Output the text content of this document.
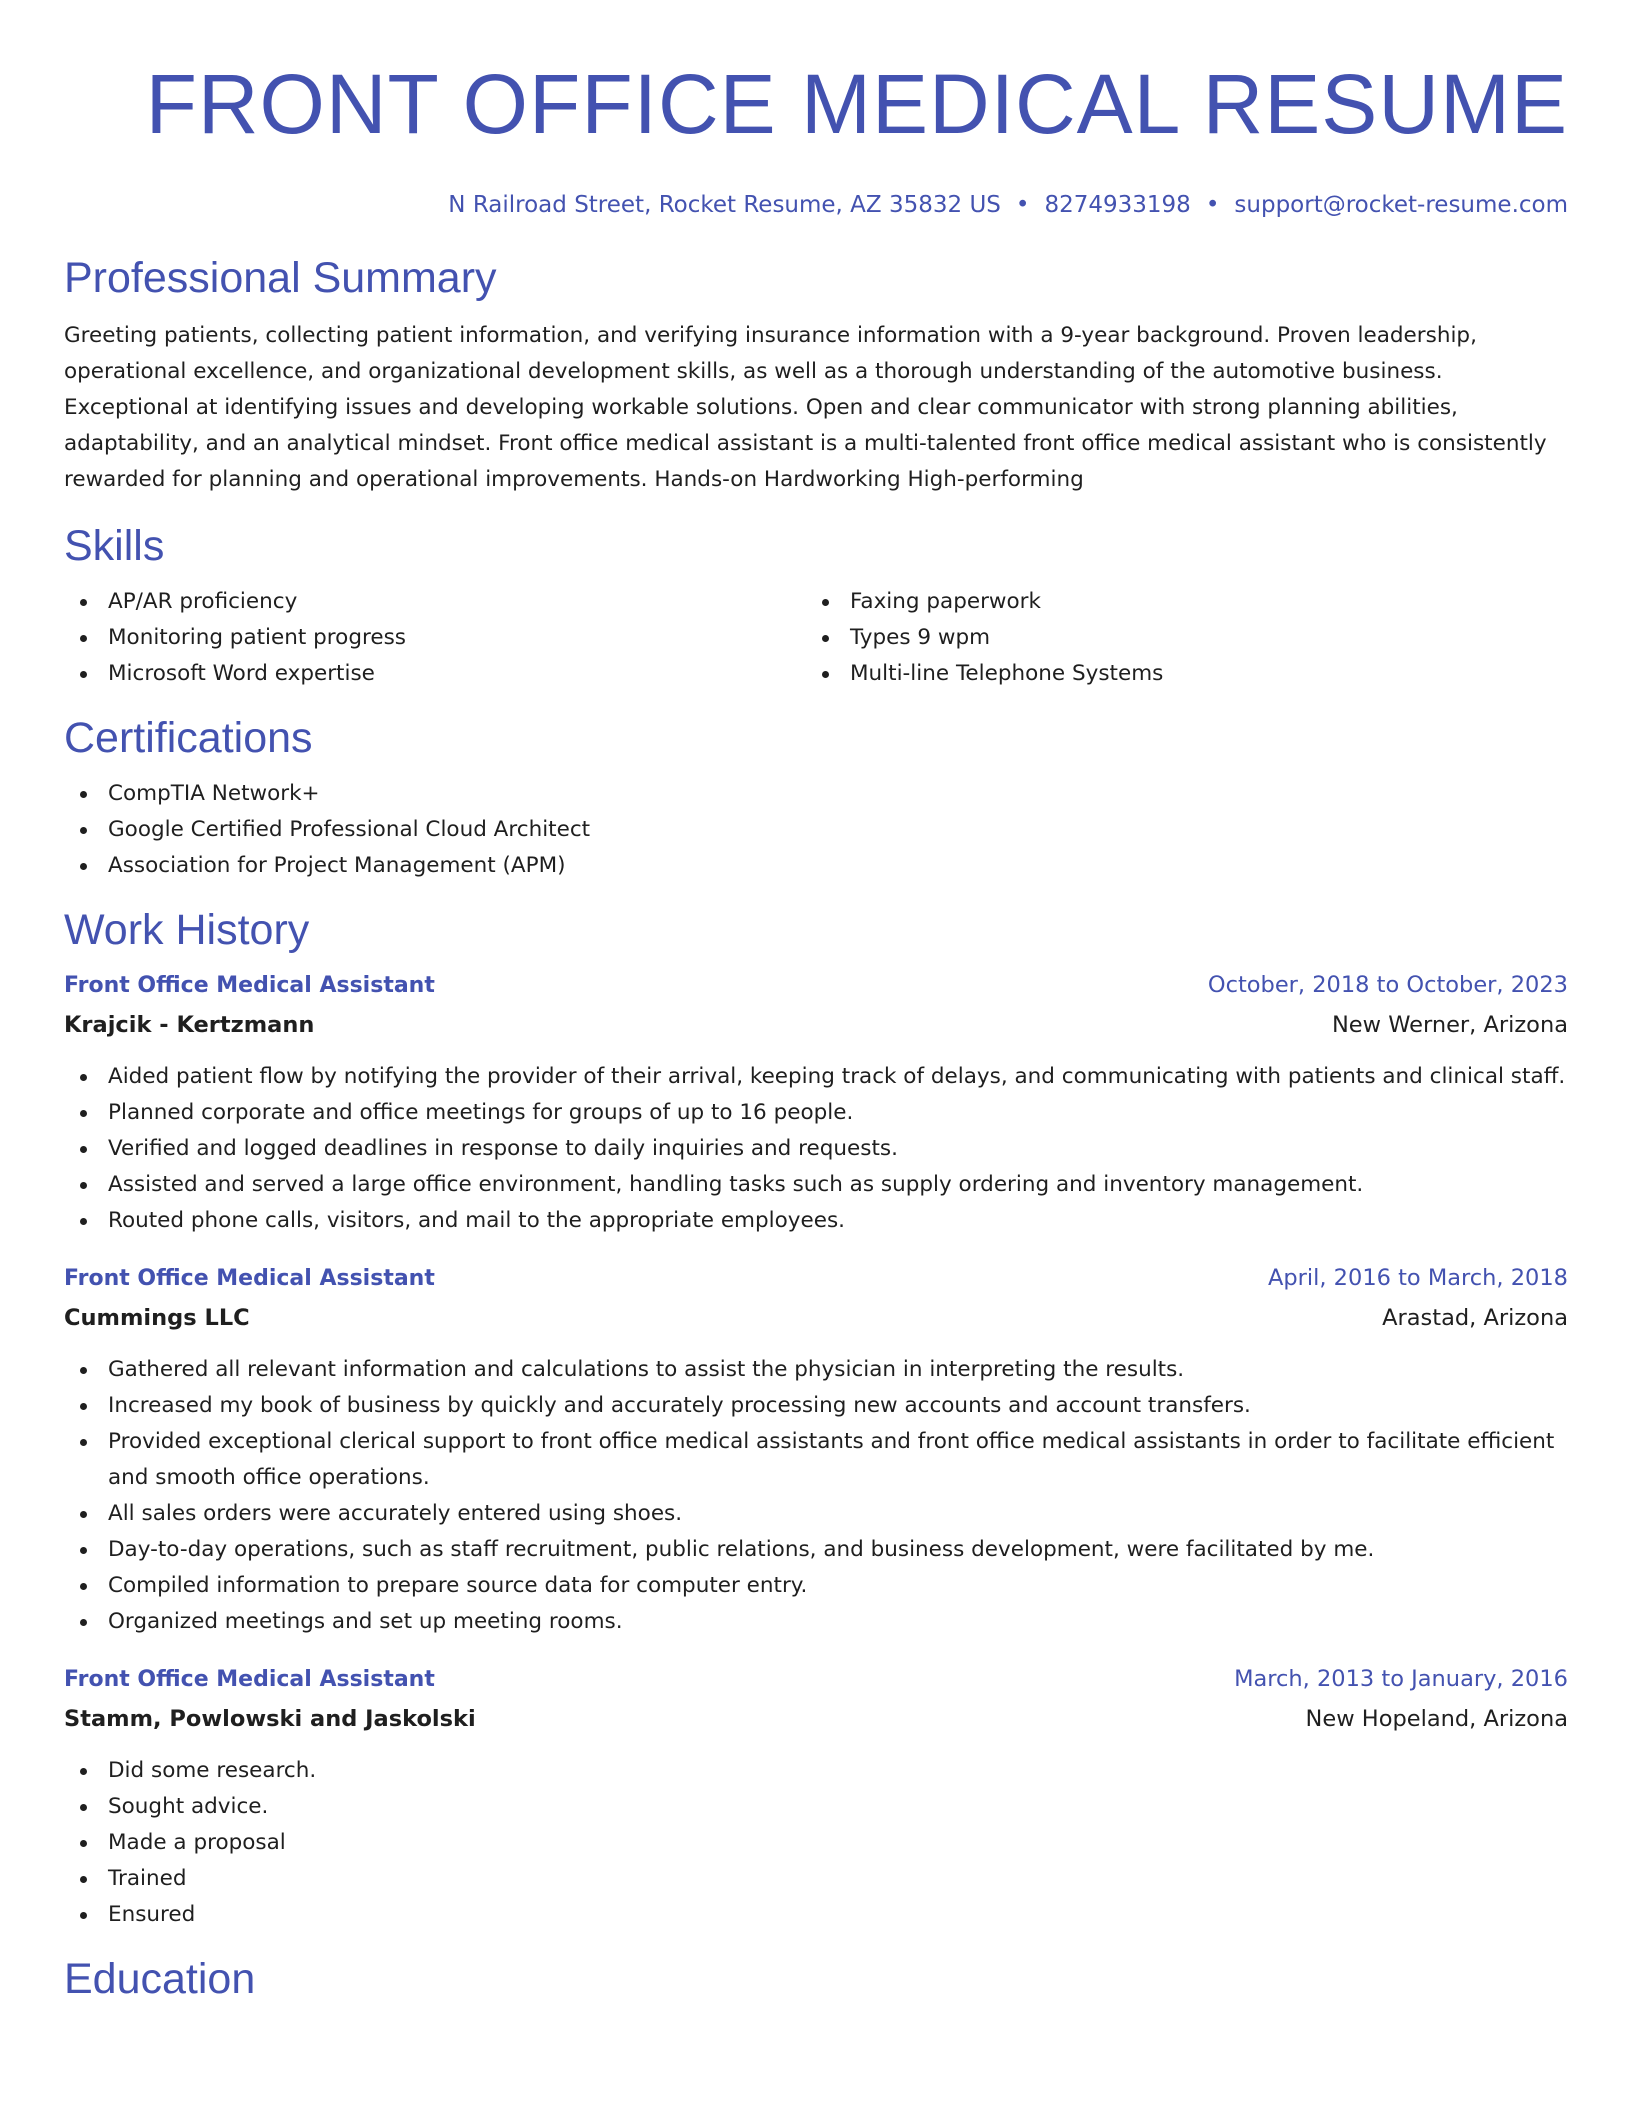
FRONT OFFICE MEDICAL RESUME
N Railroad Street, Rocket Resume, AZ 35832 US • 8274933198 • support@rocket-resume.com
Professional Summary

Greeting patients, collecting patient information, and verifying insurance information with a 9-year background. Proven leadership, operational excellence, and organizational development skills, as well as a thorough understanding of the automotive business. Exceptional at identifying issues and developing workable solutions. Open and clear communicator with strong planning abilities, adaptability, and an analytical mindset. Front office medical assistant is a multi-talented front office medical assistant who is consistently rewarded for planning and operational improvements. Hands-on Hardworking High-performing

Skills
AP/AR proficiency
Monitoring patient progress
Microsoft Word expertise
Faxing paperwork
Types 9 wpm
Multi-line Telephone Systems
Certifications
CompTIA Network+
Google Certified Professional Cloud Architect
Association for Project Management (APM)
Work History
Front Office Medical Assistant	October, 2018 to October, 2023
Krajcik - Kertzmann	New Werner, Arizona
Aided patient flow by notifying the provider of their arrival, keeping track of delays, and communicating with patients and clinical staff.
Planned corporate and office meetings for groups of up to 16 people.
Verified and logged deadlines in response to daily inquiries and requests.
Assisted and served a large office environment, handling tasks such as supply ordering and inventory management.
Routed phone calls, visitors, and mail to the appropriate employees.
Front Office Medical Assistant	April, 2016 to March, 2018
Cummings LLC	Arastad, Arizona
Gathered all relevant information and calculations to assist the physician in interpreting the results.
Increased my book of business by quickly and accurately processing new accounts and account transfers.
Provided exceptional clerical support to front office medical assistants and front office medical assistants in order to facilitate efficient and smooth office operations.
All sales orders were accurately entered using shoes.
Day-to-day operations, such as staff recruitment, public relations, and business development, were facilitated by me.
Compiled information to prepare source data for computer entry.
Organized meetings and set up meeting rooms.
Front Office Medical Assistant	March, 2013 to January, 2016
Stamm, Powlowski and Jaskolski	New Hopeland, Arizona
Did some research.
Sought advice.
Made a proposal
Trained
Ensured
Education
